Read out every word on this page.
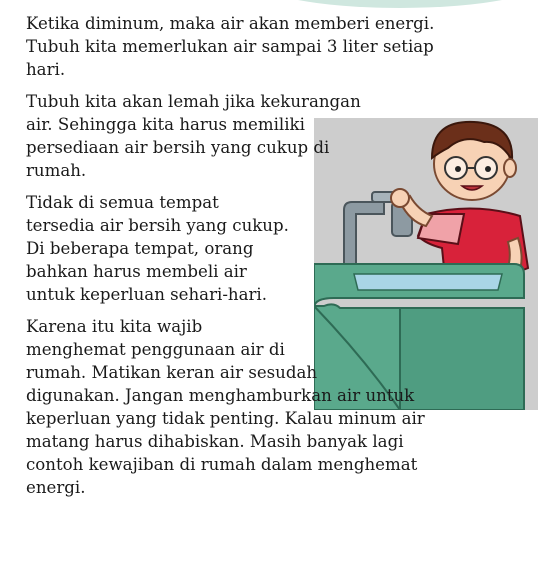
Ketika diminum, maka air akan memberi energi.
Tubuh kita memerlukan air sampai 3 liter setiap
hari.
Tubuh kita akan lemah jika kekurangan
air. Sehingga kita harus memiliki
persediaan air bersih yang cukup di
rumah.
Tidak di semua tempat
tersedia air bersih yang cukup.
Di beberapa tempat, orang
bahkan harus membeli air
untuk keperluan sehari-hari.
Karena itu kita wajib
menghemat penggunaan air di
rumah. Matikan keran air sesudah
digunakan. Jangan menghamburkan air untuk
keperluan yang tidak penting. Kalau minum air
matang harus dihabiskan. Masih banyak lagi
contoh kewajiban di rumah dalam menghemat
energi.
